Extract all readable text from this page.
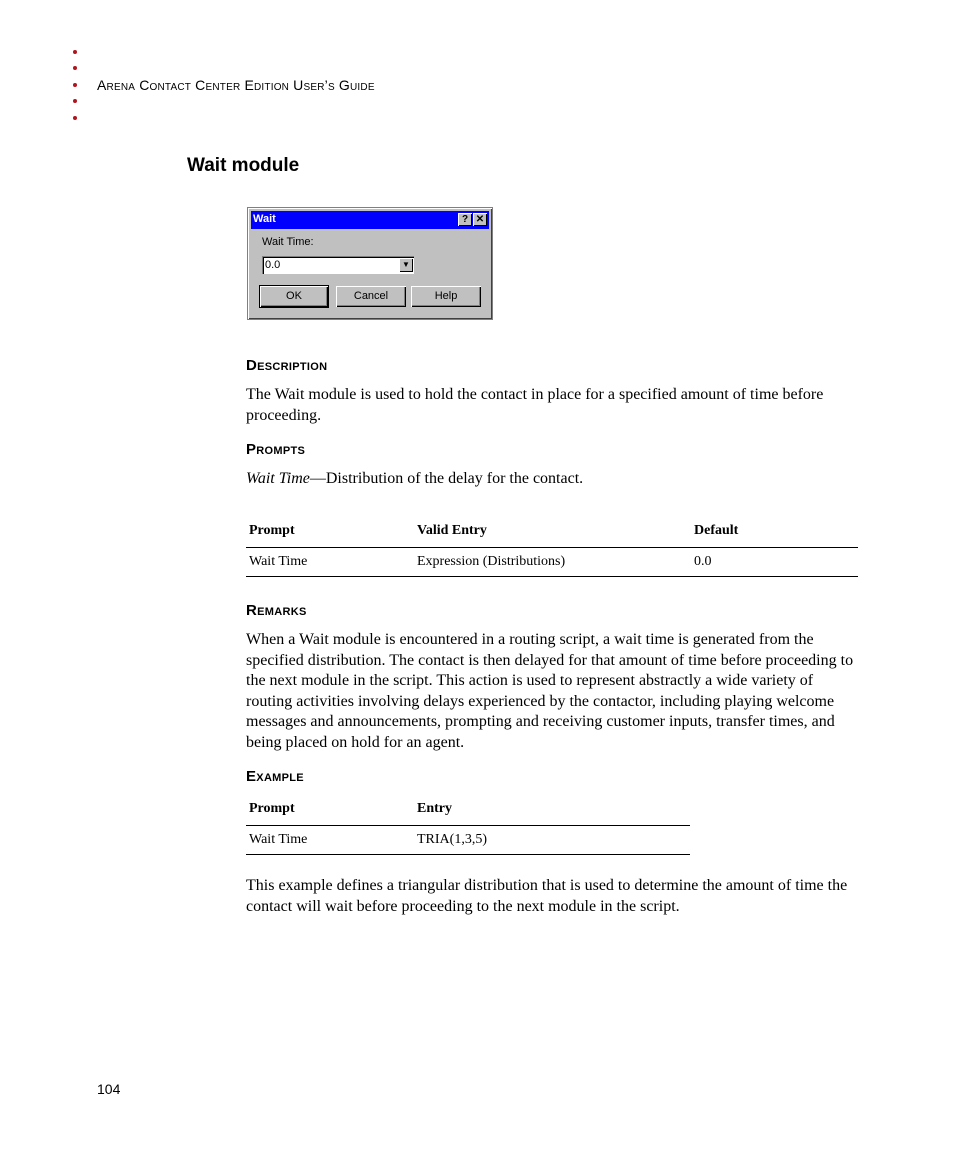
Arena Contact Center Edition User’s Guide
Wait module
Wait	? ✕
Wait Time:
0.0	▼
OK	Cancel	Help
Description
The Wait module is used to hold the contact in place for a specified amount of time before proceeding.
Prompts
Wait Time—Distribution of the delay for the contact.
Prompt	Valid Entry	Default
Wait Time	Expression (Distributions)	0.0
Remarks
When a Wait module is encountered in a routing script, a wait time is generated from the specified distribution. The contact is then delayed for that amount of time before proceeding to the next module in the script. This action is used to represent abstractly a wide variety of routing activities involving delays experienced by the contactor, including playing welcome messages and announcements, prompting and receiving customer inputs, transfer times, and being placed on hold for an agent.
Example
Prompt	Entry
Wait Time	TRIA(1,3,5)
This example defines a triangular distribution that is used to determine the amount of time the contact will wait before proceeding to the next module in the script.
104
